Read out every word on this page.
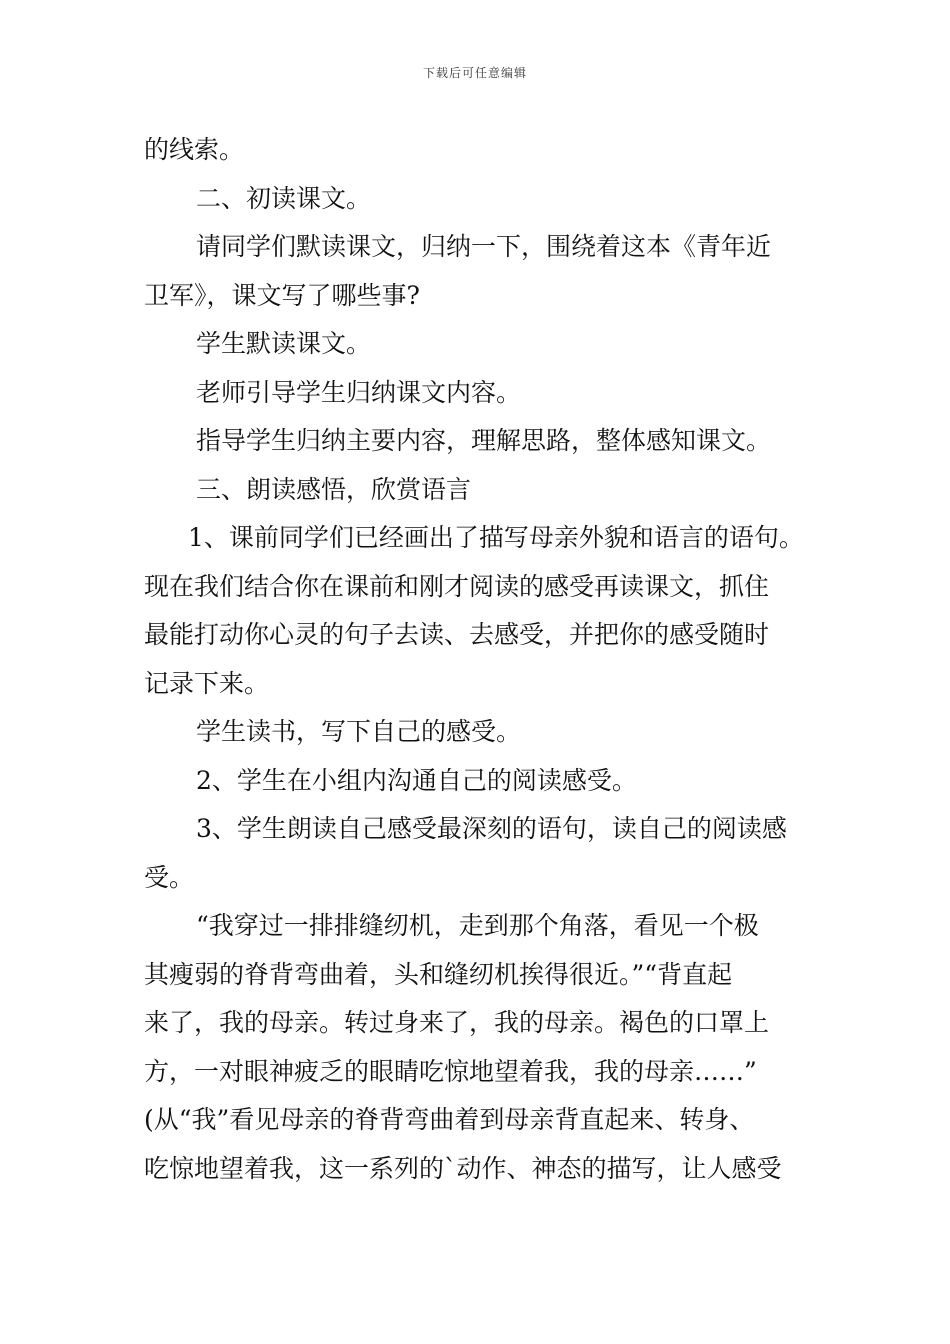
下载后可任意编辑
的线索。
二、初读课文。
请同学们默读课文，归纳一下，围绕着这本《青年近
卫军》，课文写了哪些事?
学生默读课文。
老师引导学生归纳课文内容。
指导学生归纳主要内容，理解思路，整体感知课文。
三、朗读感悟，欣赏语言
1、课前同学们已经画出了描写母亲外貌和语言的语句。
现在我们结合你在课前和刚才阅读的感受再读课文，抓住
最能打动你心灵的句子去读、去感受，并把你的感受随时
记录下来。
学生读书，写下自己的感受。
2、学生在小组内沟通自己的阅读感受。
3、学生朗读自己感受最深刻的语句，读自己的阅读感
受。
“我穿过一排排缝纫机，走到那个角落，看见一个极
其瘦弱的脊背弯曲着，头和缝纫机挨得很近。”“背直起
来了，我的母亲。转过身来了，我的母亲。褐色的口罩上
方，一对眼神疲乏的眼睛吃惊地望着我，我的母亲……”
(从“我”看见母亲的脊背弯曲着到母亲背直起来、转身、
吃惊地望着我，这一系列的`动作、神态的描写，让人感受
